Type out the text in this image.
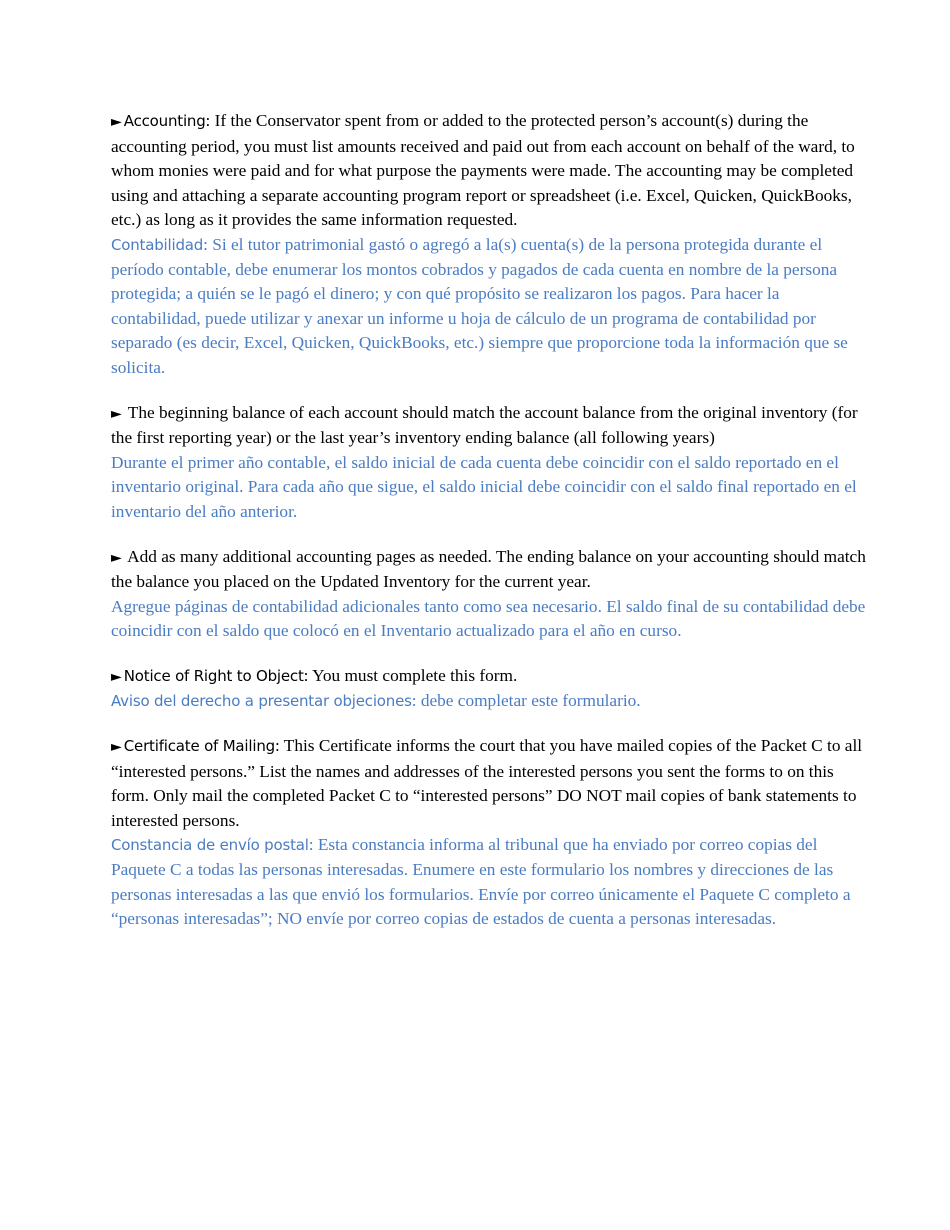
► Accounting: If the Conservator spent from or added to the protected person’s account(s) during the accounting period, you must list amounts received and paid out from each account on behalf of the ward, to whom monies were paid and for what purpose the payments were made. The accounting may be completed using and attaching a separate accounting program report or spreadsheet (i.e. Excel, Quicken, QuickBooks, etc.) as long as it provides the same information requested.

Contabilidad: Si el tutor patrimonial gastó o agregó a la(s) cuenta(s) de la persona protegida durante el período contable, debe enumerar los montos cobrados y pagados de cada cuenta en nombre de la persona protegida; a quién se le pagó el dinero; y con qué propósito se realizaron los pagos. Para hacer la contabilidad, puede utilizar y anexar un informe u hoja de cálculo de un programa de contabilidad por separado (es decir, Excel, Quicken, QuickBooks, etc.) siempre que proporcione toda la información que se solicita.

► The beginning balance of each account should match the account balance from the original inventory (for the first reporting year) or the last year’s inventory ending balance (all following years)

Durante el primer año contable, el saldo inicial de cada cuenta debe coincidir con el saldo reportado en el inventario original. Para cada año que sigue, el saldo inicial debe coincidir con el saldo final reportado en el inventario del año anterior.

► Add as many additional accounting pages as needed. The ending balance on your accounting should match the balance you placed on the Updated Inventory for the current year.

Agregue páginas de contabilidad adicionales tanto como sea necesario. El saldo final de su contabilidad debe coincidir con el saldo que colocó en el Inventario actualizado para el año en curso.

► Notice of Right to Object: You must complete this form.

Aviso del derecho a presentar objeciones: debe completar este formulario.

► Certificate of Mailing: This Certificate informs the court that you have mailed copies of the Packet C to all “interested persons.” List the names and addresses of the interested persons you sent the forms to on this form. Only mail the completed Packet C to “interested persons” DO NOT mail copies of bank statements to interested persons.

Constancia de envío postal: Esta constancia informa al tribunal que ha enviado por correo copias del Paquete C a todas las personas interesadas. Enumere en este formulario los nombres y direcciones de las personas interesadas a las que envió los formularios. Envíe por correo únicamente el Paquete C completo a “personas interesadas”; NO envíe por correo copias de estados de cuenta a personas interesadas.
